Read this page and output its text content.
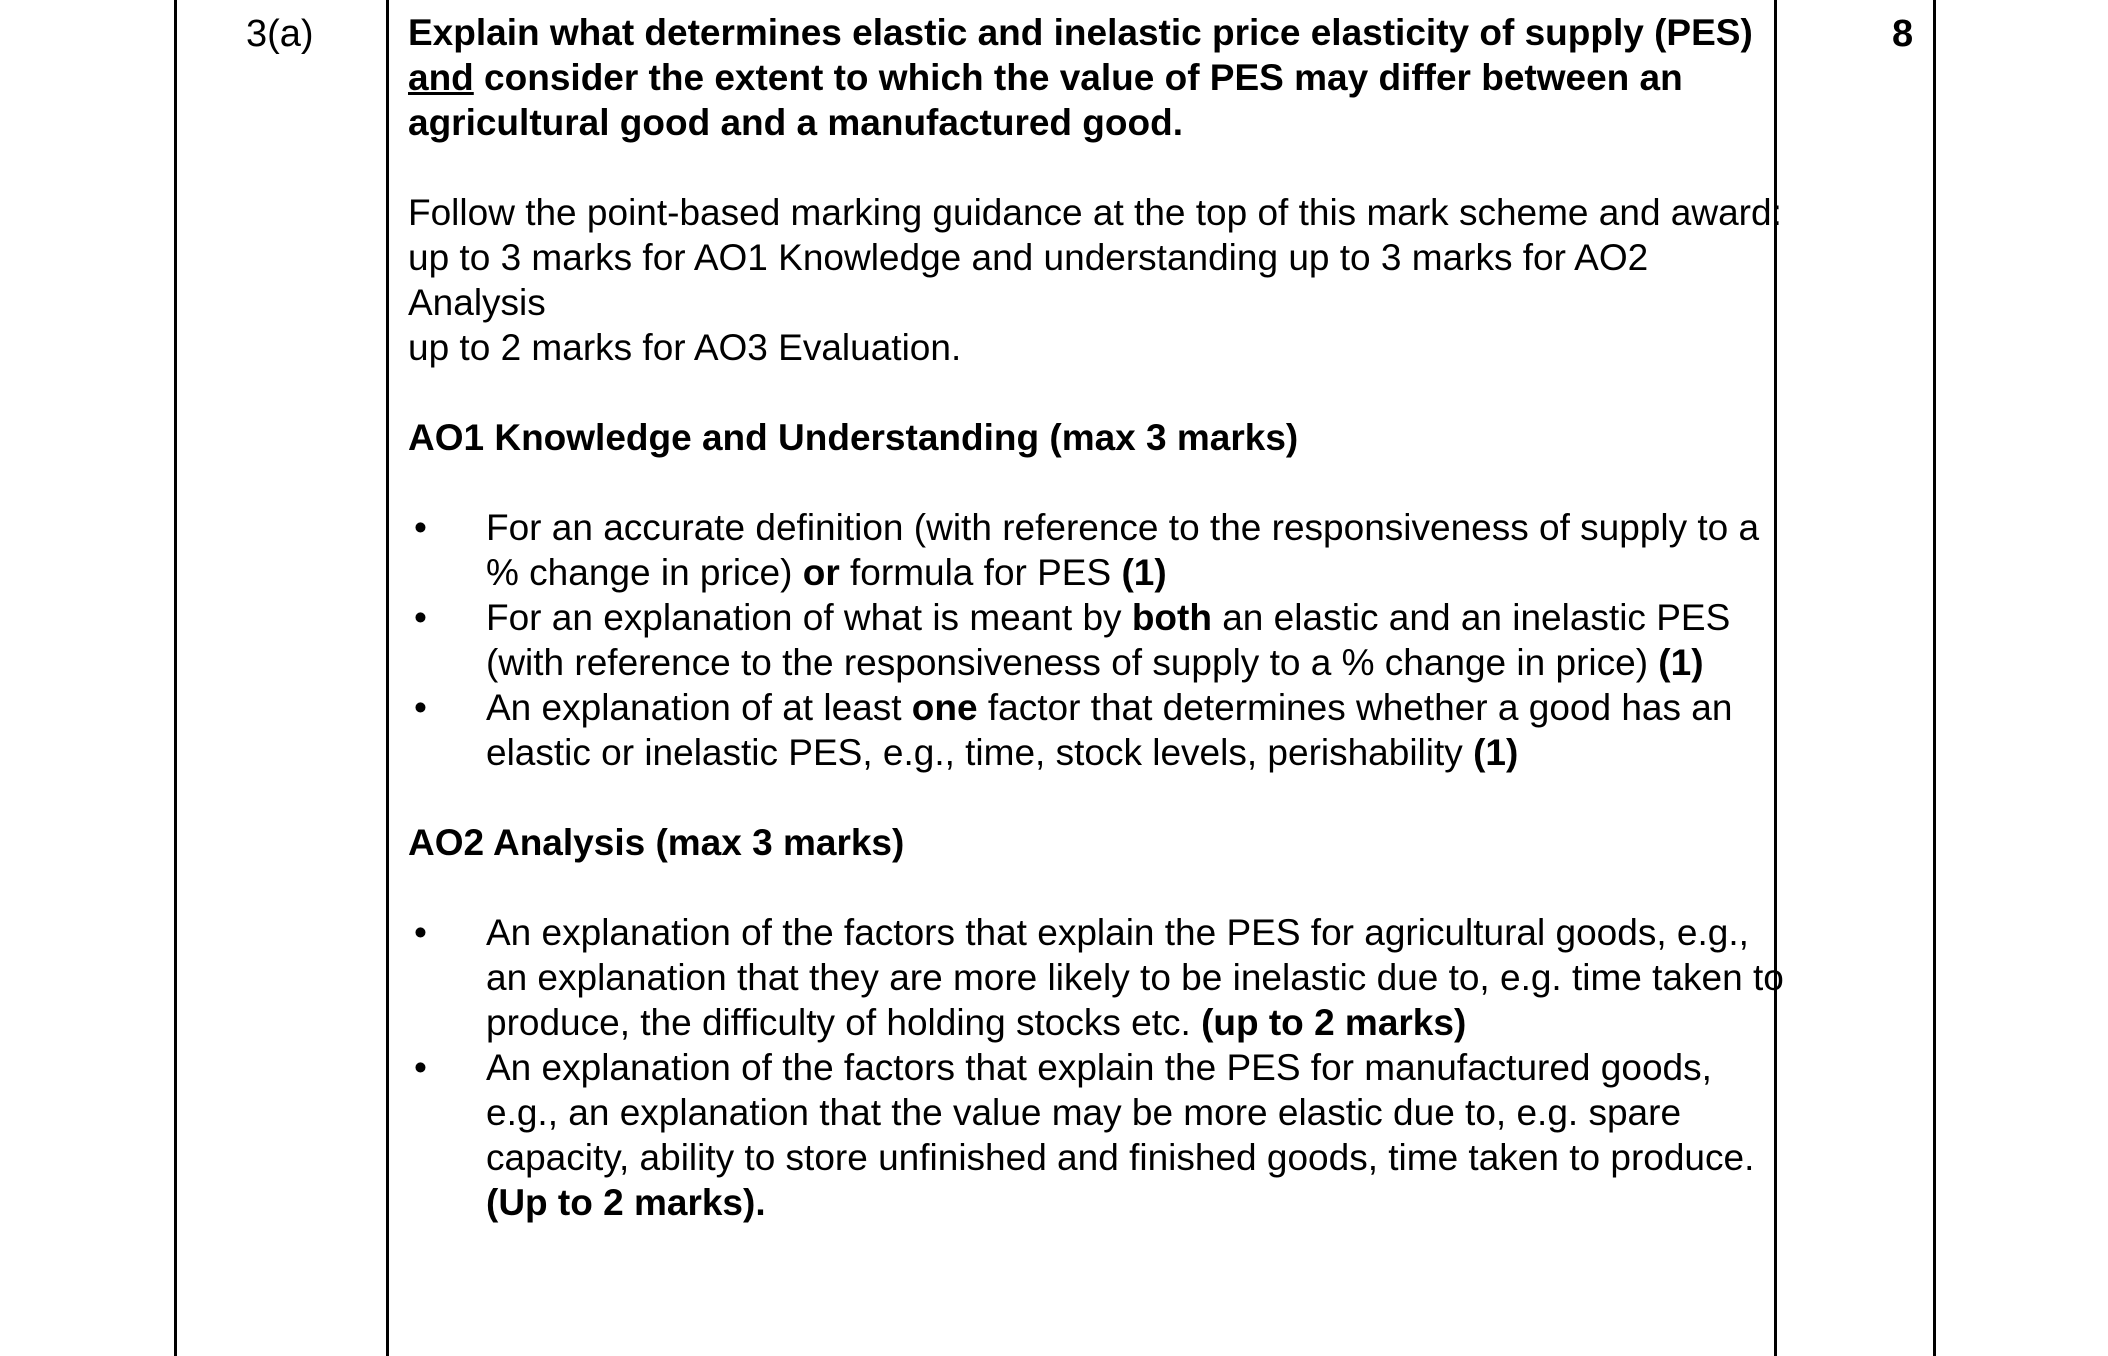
3(a)	8

Explain what determines elastic and inelastic price elasticity of supply (PES) and consider the extent to which the value of PES may differ between an agricultural good and a manufactured good.

Follow the point-based marking guidance at the top of this mark scheme and award:

up to 3 marks for AO1 Knowledge and understanding up to 3 marks for AO2 Analysis

up to 2 marks for AO3 Evaluation.

AO1 Knowledge and Understanding (max 3 marks)

• For an accurate definition (with reference to the responsiveness of supply to a % change in price) or formula for PES (1)
• For an explanation of what is meant by both an elastic and an inelastic PES (with reference to the responsiveness of supply to a % change in price) (1)
• An explanation of at least one factor that determines whether a good has an elastic or inelastic PES, e.g., time, stock levels, perishability (1)

AO2 Analysis (max 3 marks)

• An explanation of the factors that explain the PES for agricultural goods, e.g., an explanation that they are more likely to be inelastic due to, e.g. time taken to produce, the difficulty of holding stocks etc. (up to 2 marks)
• An explanation of the factors that explain the PES for manufactured goods, e.g., an explanation that the value may be more elastic due to, e.g. spare capacity, ability to store unfinished and finished goods, time taken to produce. (Up to 2 marks).
